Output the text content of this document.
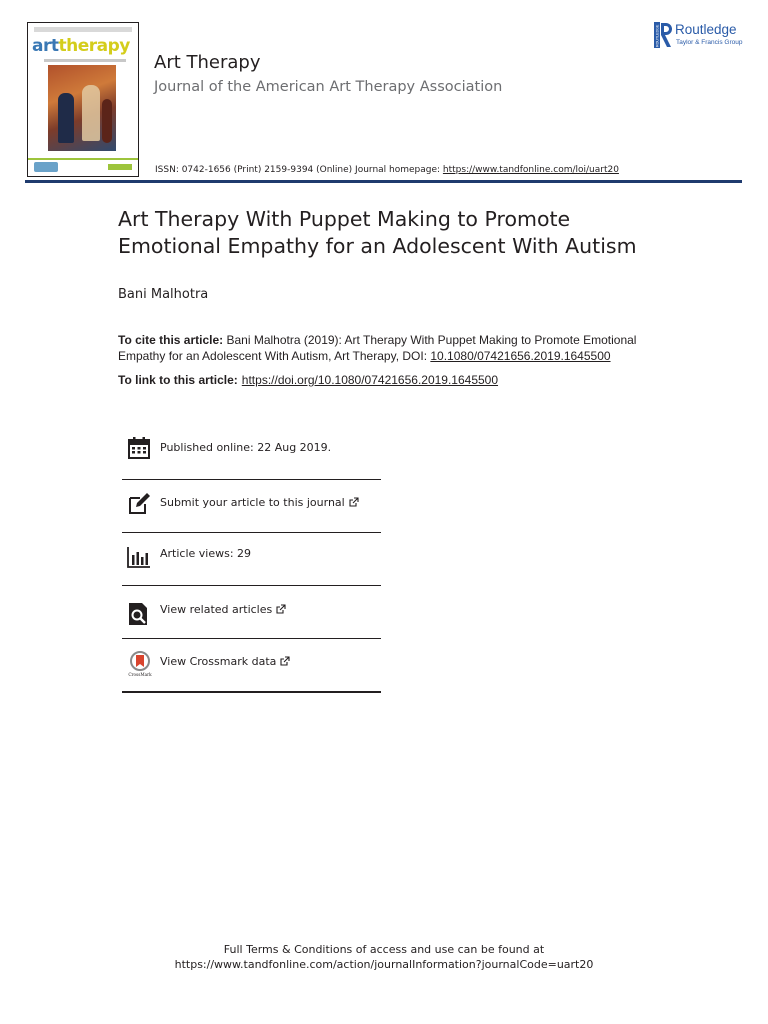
arttherapy
Art Therapy
Journal of the American Art Therapy Association
ISSN: 0742-1656 (Print) 2159-9394 (Online) Journal homepage: https://www.tandfonline.com/loi/uart20
ROUTLEDGE Routledge
Taylor & Francis Group
Art Therapy With Puppet Making to Promote
Emotional Empathy for an Adolescent With Autism
Bani Malhotra
To cite this article: Bani Malhotra (2019): Art Therapy With Puppet Making to Promote Emotional Empathy for an Adolescent With Autism, Art Therapy, DOI: 10.1080/07421656.2019.1645500
To link to this article: https://doi.org/10.1080/07421656.2019.1645500
Published online: 22 Aug 2019.
Submit your article to this journal
Article views: 29
View related articles
CrossMark
View Crossmark data
Full Terms & Conditions of access and use can be found at
https://www.tandfonline.com/action/journalInformation?journalCode=uart20
